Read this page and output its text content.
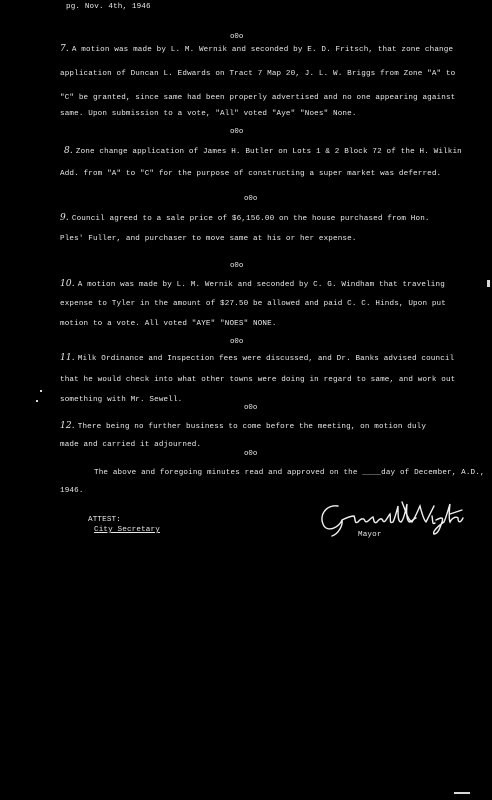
pg. Nov. 4th, 1946
o0o
7. A motion was made by L. M. Wernik and seconded by E. D. Fritsch, that zone change
application of Duncan L. Edwards on Tract 7 Map 20, J. L. W. Briggs from Zone "A" to
"C" be granted, since same had been properly advertised and no one appearing against
same. Upon submission to a vote, "All" voted "Aye" "Noes" None.
o0o
8. Zone change application of James H. Butler on Lots 1 & 2 Block 72 of the H. Wilkin
Add. from "A" to "C" for the purpose of constructing a super market was deferred.
o0o
9. Council agreed to a sale price of $6,156.00 on the house purchased from Hon.
Ples' Fuller, and purchaser to move same at his or her expense.
o0o
10. A motion was made by L. M. Wernik and seconded by C. G. Windham that traveling
expense to Tyler in the amount of $27.50 be allowed and paid C. C. Hinds, Upon put
motion to a vote. All voted "AYE" "NOES" NONE.
o0o
11. Milk Ordinance and Inspection fees were discussed, and Dr. Banks advised council
that he would check into what other towns were doing in regard to same, and work out
something with Mr. Sewell.
o0o
12. There being no further business to come before the meeting, on motion duly
made and carried it adjourned.
o0o
The above and foregoing minutes read and approved on the ____day of December, A.D.,
1946.
ATTEST:
City Secretary
Mayor
